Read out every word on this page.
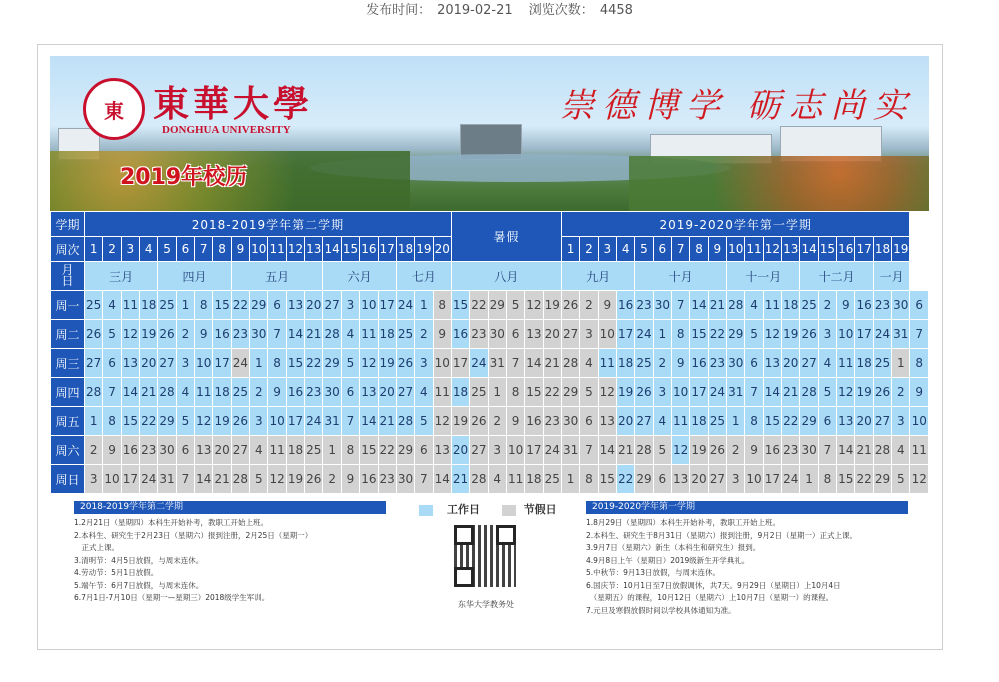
发布时间： 2019-02-21 浏览次数： 4458
東 東華大學
DONGHUA UNIVERSITY
崇德博学 砺志尚实
2019年校历
学期	2018-2019学年第二学期																				暑假						2019-2020学年第一学期																			
周次	1	2	3	4	5	6	7	8	9	10	11	12	13	14	15	16	17	18	19	20							1	2	3	4	5	6	7	8	9	10	11	12	13	14	15	16	17	18	19	
月
日	三月				四月				五月					六月				七月			八月						九月				十月					十一月				十二月				一月		
周一	25	4	11	18	25	1	8	15	22	29	6	13	20	27	3	10	17	24	1	8	15	22	29	5	12	19	26	2	9	16	23	30	7	14	21	28	4	11	18	25	2	9	16	23	30	6
周二	26	5	12	19	26	2	9	16	23	30	7	14	21	28	4	11	18	25	2	9	16	23	30	6	13	20	27	3	10	17	24	1	8	15	22	29	5	12	19	26	3	10	17	24	31	7
周三	27	6	13	20	27	3	10	17	24	1	8	15	22	29	5	12	19	26	3	10	17	24	31	7	14	21	28	4	11	18	25	2	9	16	23	30	6	13	20	27	4	11	18	25	1	8
周四	28	7	14	21	28	4	11	18	25	2	9	16	23	30	6	13	20	27	4	11	18	25	1	8	15	22	29	5	12	19	26	3	10	17	24	31	7	14	21	28	5	12	19	26	2	9
周五	1	8	15	22	29	5	12	19	26	3	10	17	24	31	7	14	21	28	5	12	19	26	2	9	16	23	30	6	13	20	27	4	11	18	25	1	8	15	22	29	6	13	20	27	3	10
周六	2	9	16	23	30	6	13	20	27	4	11	18	25	1	8	15	22	29	6	13	20	27	3	10	17	24	31	7	14	21	28	5	12	19	26	2	9	16	23	30	7	14	21	28	4	11
周日	3	10	17	24	31	7	14	21	28	5	12	19	26	2	9	16	23	30	7	14	21	28	4	11	18	25	1	8	15	22	29	6	13	20	27	3	10	17	24	1	8	15	22	29	5	12
2018-2019学年第二学期
1.2月21日（星期四）本科生开始补考，教职工开始上班。
2.本科生、研究生于2月23日（星期六）报到注册，2月25日（星期一）
　正式上课。
3.清明节：4月5日放假，与周末连休。
4.劳动节：5月1日放假。
5.端午节：6月7日放假，与周末连休。
6.7月1日-7月10日（星期一—星期三）2018级学生军训。
工作日	节假日
东华大学教务处
2019-2020学年第一学期
1.8月29日（星期四）本科生开始补考，教职工开始上班。
2.本科生、研究生于8月31日（星期六）报到注册，9月2日（星期一）正式上课。
3.9月7日（星期六）新生（本科生和研究生）报到。
4.9月8日上午（星期日）2019级新生开学典礼。
5.中秋节：9月13日放假，与周末连休。
6.国庆节：10月1日至7日放假调休，共7天。9月29日（星期日）上10月4日
　（星期五）的课程，10月12日（星期六）上10月7日（星期一）的课程。
7.元旦及寒假放假时间以学校具体通知为准。
